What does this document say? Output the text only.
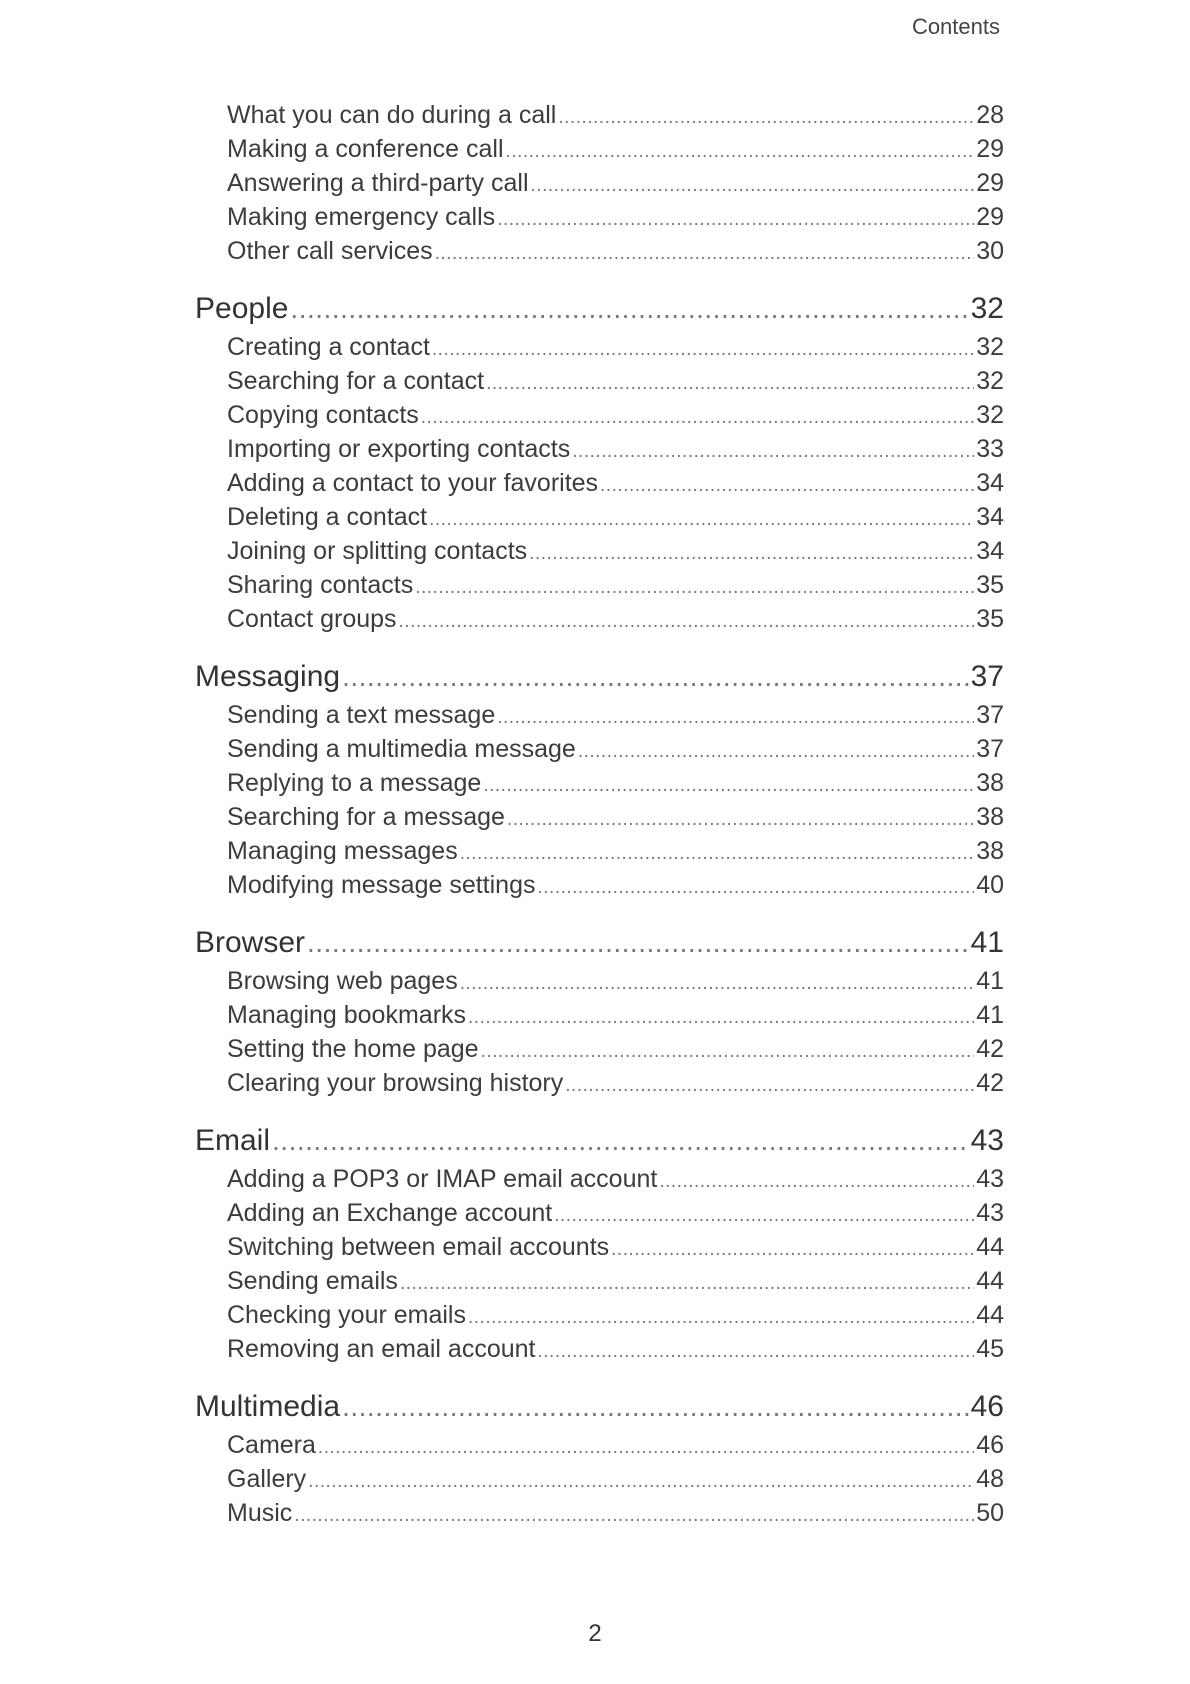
Contents
What you can do during a call .....	28
Making a conference call .....	29
Answering a third-party call .....	29
Making emergency calls .....	29
Other call services .....	30
People .....	32
Creating a contact .....	32
Searching for a contact .....	32
Copying contacts .....	32
Importing or exporting contacts .....	33
Adding a contact to your favorites .....	34
Deleting a contact .....	34
Joining or splitting contacts .....	34
Sharing contacts .....	35
Contact groups .....	35
Messaging .....	37
Sending a text message .....	37
Sending a multimedia message .....	37
Replying to a message .....	38
Searching for a message .....	38
Managing messages .....	38
Modifying message settings .....	40
Browser .....	41
Browsing web pages .....	41
Managing bookmarks .....	41
Setting the home page .....	42
Clearing your browsing history .....	42
Email .....	43
Adding a POP3 or IMAP email account .....	43
Adding an Exchange account .....	43
Switching between email accounts .....	44
Sending emails .....	44
Checking your emails .....	44
Removing an email account .....	45
Multimedia .....	46
Camera .....	46
Gallery .....	48
Music .....	50
2
